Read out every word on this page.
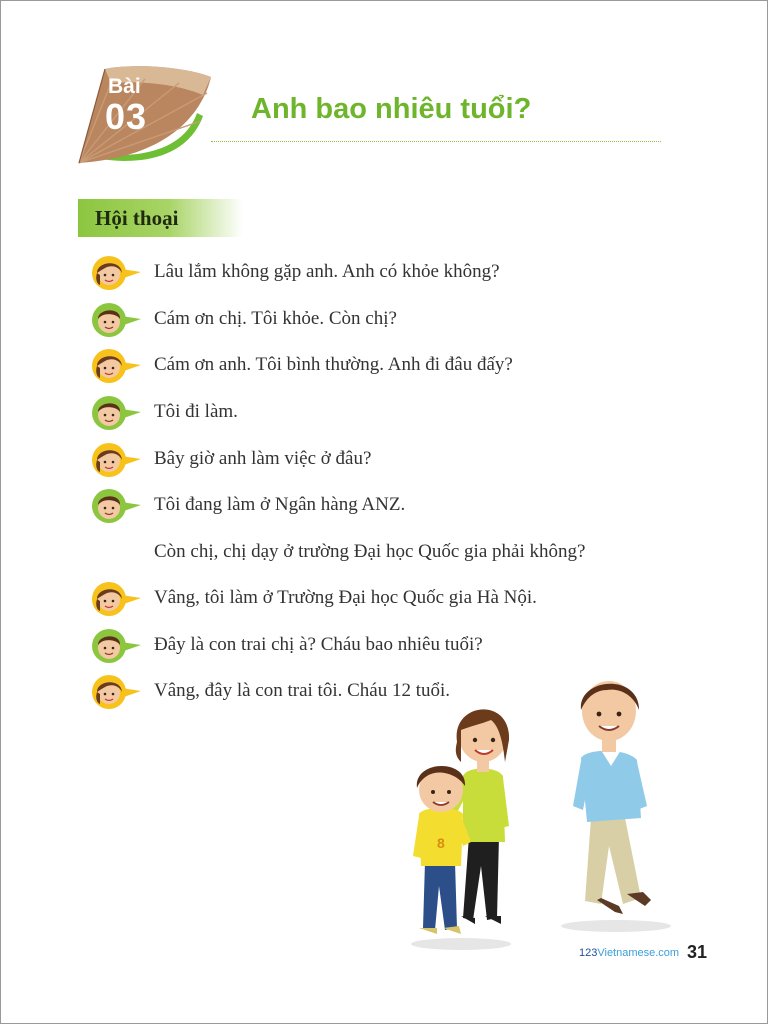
Bài
03	Anh bao nhiêu tuổi?
Hội thoại
Lâu lắm không gặp anh. Anh có khỏe không?
Cám ơn chị. Tôi khỏe. Còn chị?
Cám ơn anh. Tôi bình thường. Anh đi đâu đấy?
Tôi đi làm.
Bây giờ anh làm việc ở đâu?
Tôi đang làm ở Ngân hàng ANZ.
Còn chị, chị dạy ở trường Đại học Quốc gia phải không?
Vâng, tôi làm ở Trường Đại học Quốc gia Hà Nội.
Đây là con trai chị à? Cháu bao nhiêu tuổi?
Vâng, đây là con trai tôi. Cháu 12 tuổi.
8
123Vietnamese.com 31
